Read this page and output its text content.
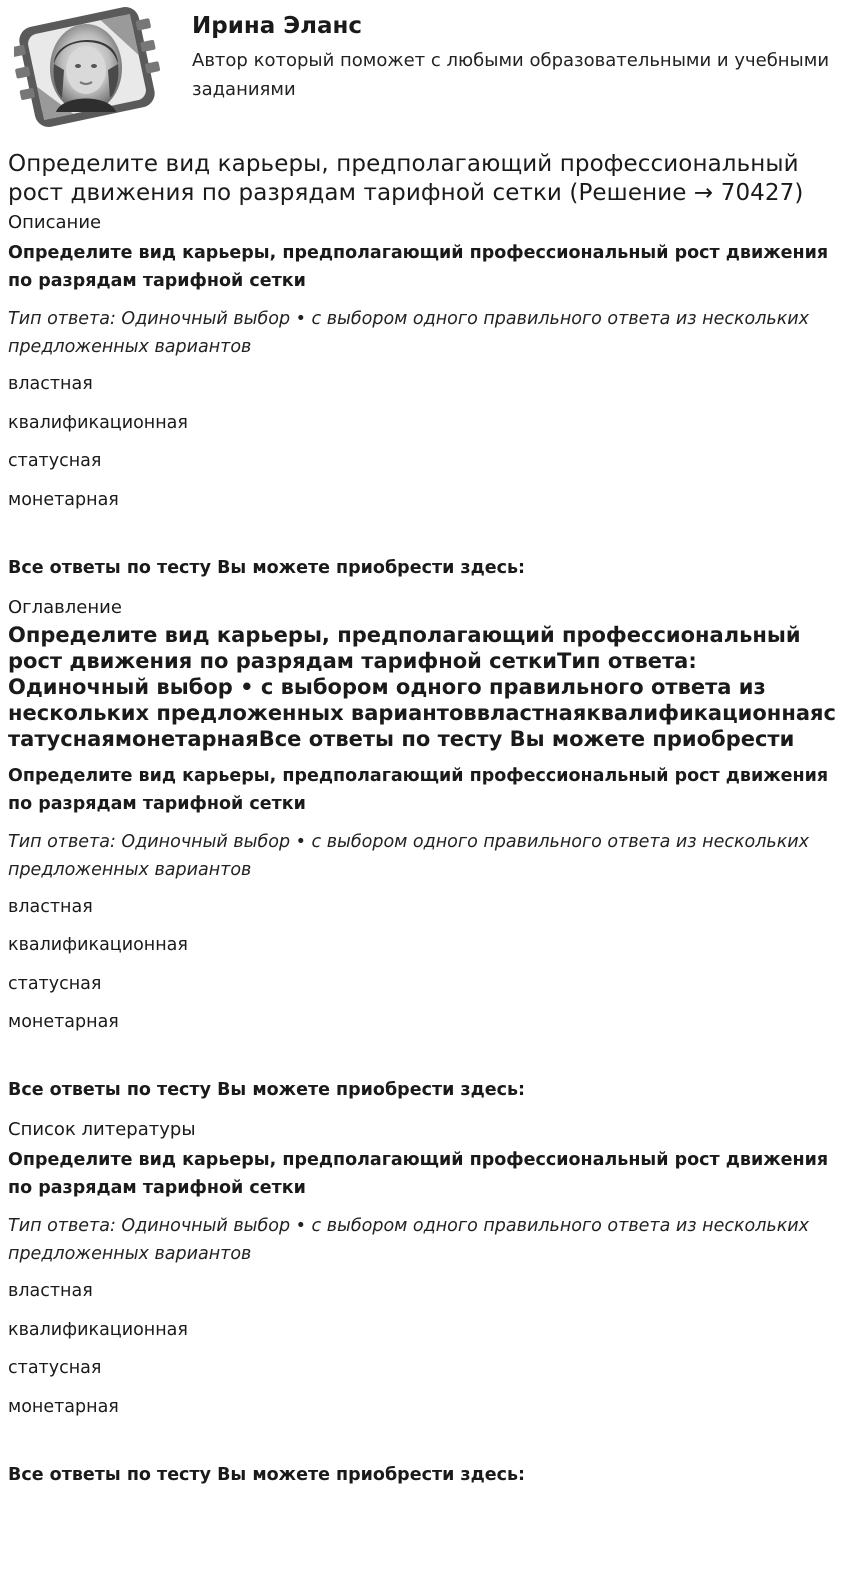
Ирина Эланс

Автор который поможет с любыми образовательными и учебными заданиями

Определите вид карьеры, предполагающий профессиональный рост движения по разрядам тарифной сетки (Решение → 70427)

Описание

Определите вид карьеры, предполагающий профессиональный рост движения по разрядам тарифной сетки

Тип ответа: Одиночный выбор • с выбором одного правильного ответа из нескольких предложенных вариантов

властная
квалификационная
статусная
монетарная

Все ответы по тесту Вы можете приобрести здесь:

Оглавление

Определите вид карьеры, предполагающий профессиональный рост движения по разрядам тарифной сеткиТип ответа: Одиночный выбор • с выбором одного правильного ответа из нескольких предложенных вариантоввластнаяквалификационнаястатуснаямонетарнаяВсе ответы по тесту Вы можете приобрести

Определите вид карьеры, предполагающий профессиональный рост движения по разрядам тарифной сетки

Тип ответа: Одиночный выбор • с выбором одного правильного ответа из нескольких предложенных вариантов

властная
квалификационная
статусная
монетарная

Все ответы по тесту Вы можете приобрести здесь:

Список литературы

Определите вид карьеры, предполагающий профессиональный рост движения по разрядам тарифной сетки

Тип ответа: Одиночный выбор • с выбором одного правильного ответа из нескольких предложенных вариантов

властная
квалификационная
статусная
монетарная

Все ответы по тесту Вы можете приобрести здесь:
